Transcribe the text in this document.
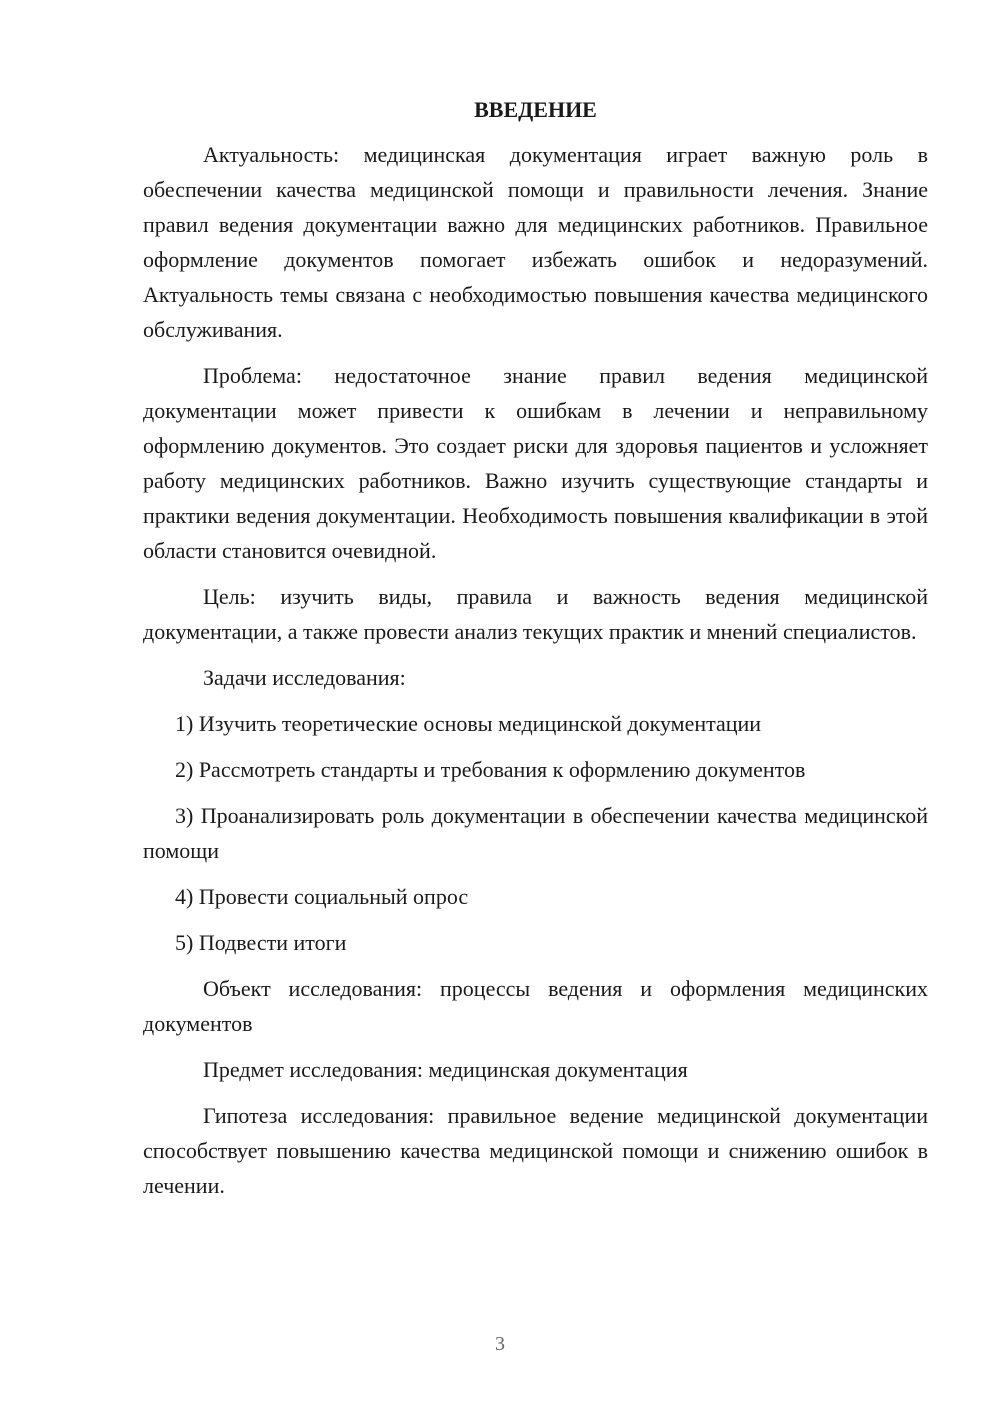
ВВЕДЕНИЕ

Актуальность: медицинская документация играет важную роль в обеспечении качества медицинской помощи и правильности лечения. Знание правил ведения документации важно для медицинских работников. Правильное оформление документов помогает избежать ошибок и недоразумений. Актуальность темы связана с необходимостью повышения качества медицинского обслуживания.

Проблема: недостаточное знание правил ведения медицинской документации может привести к ошибкам в лечении и неправильному оформлению документов. Это создает риски для здоровья пациентов и усложняет работу медицинских работников. Важно изучить существующие стандарты и практики ведения документации. Необходимость повышения квалификации в этой области становится очевидной.

Цель: изучить виды, правила и важность ведения медицинской документации, а также провести анализ текущих практик и мнений специалистов.

Задачи исследования:

1) Изучить теоретические основы медицинской документации

2) Рассмотреть стандарты и требования к оформлению документов

3) Проанализировать роль документации в обеспечении качества медицинской помощи

4) Провести социальный опрос

5) Подвести итоги

Объект исследования: процессы ведения и оформления медицинских документов

Предмет исследования: медицинская документация

Гипотеза исследования: правильное ведение медицинской документации способствует повышению качества медицинской помощи и снижению ошибок в лечении.

3
